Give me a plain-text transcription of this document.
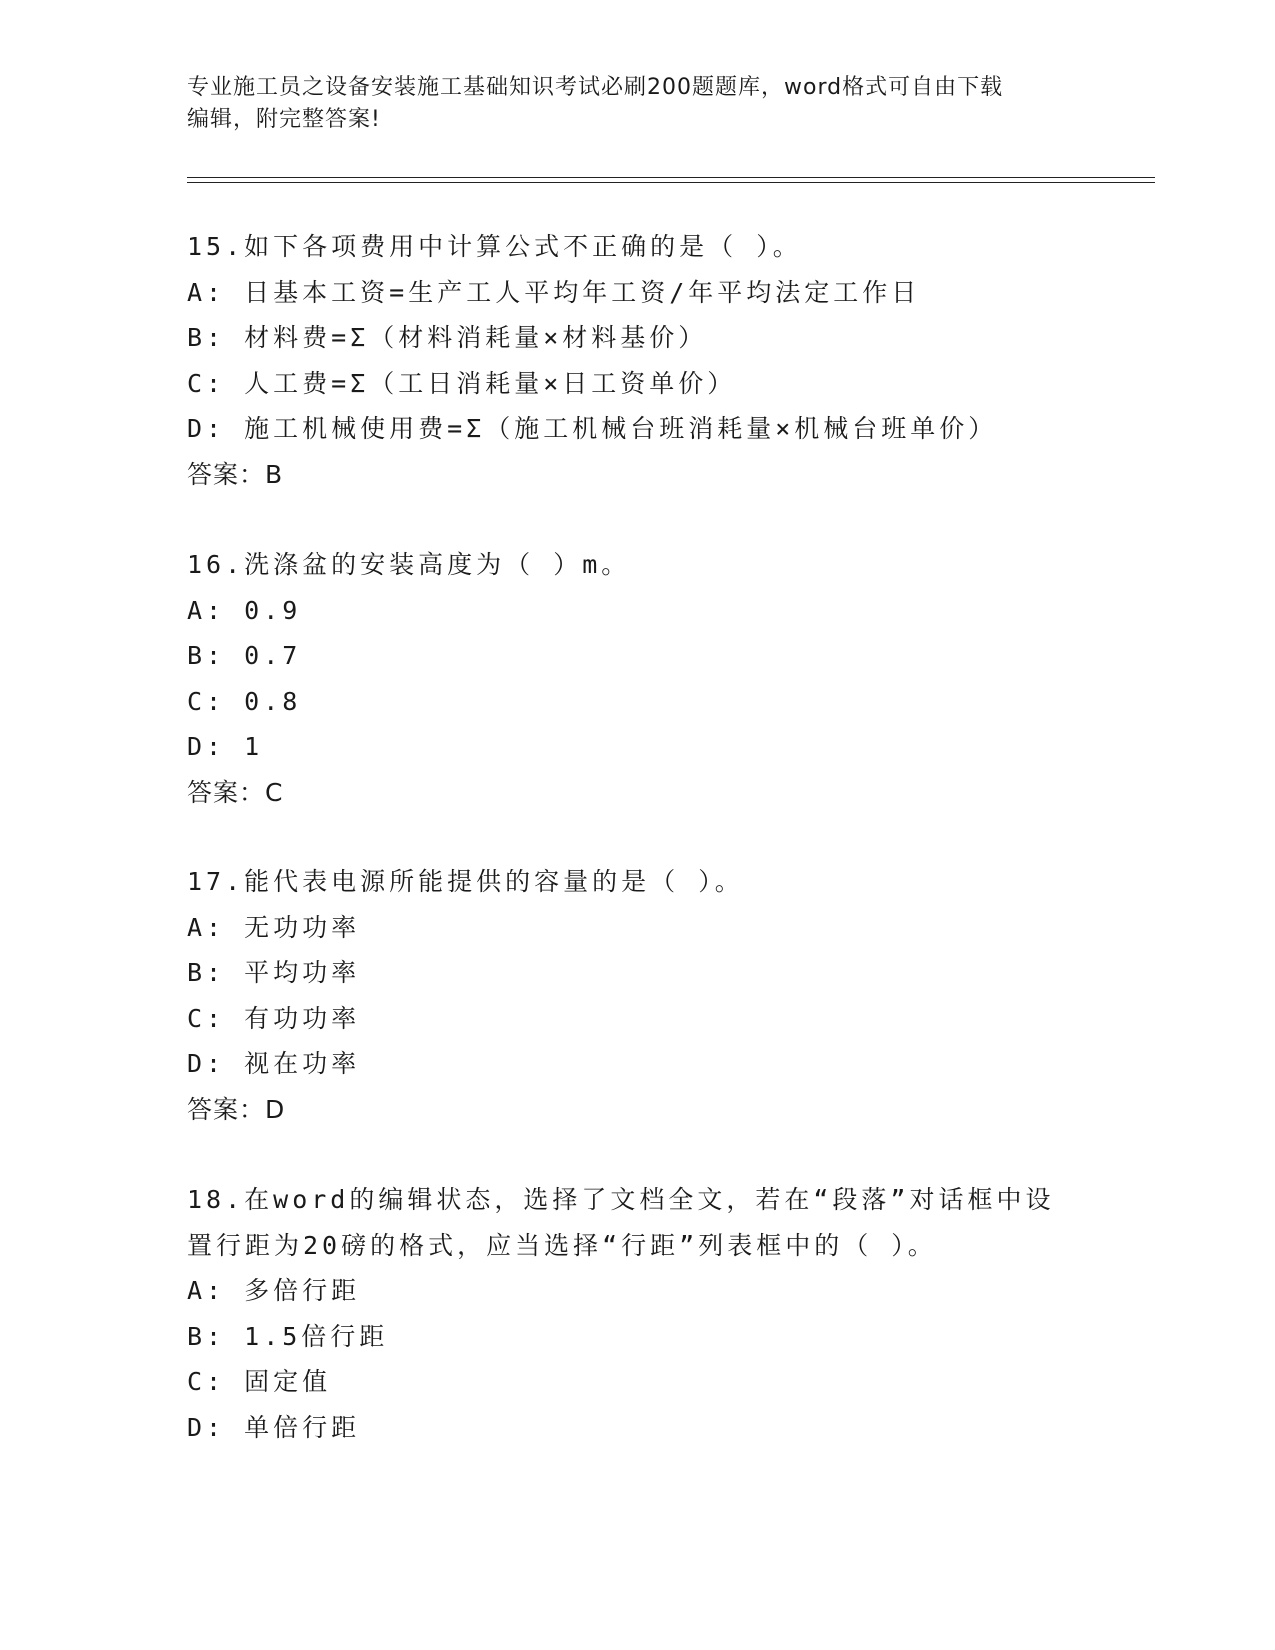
专业施工员之设备安装施工基础知识考试必刷200题题库，word格式可自由下载
编辑，附完整答案!
15.如下各项费用中计算公式不正确的是（ ）。
A: 日基本工资=生产工人平均年工资/年平均法定工作日
B: 材料费=Σ（材料消耗量×材料基价）
C: 人工费=Σ（工日消耗量×日工资单价）
D: 施工机械使用费=Σ（施工机械台班消耗量×机械台班单价）
答案：B
16.洗涤盆的安装高度为（ ）m。
A: 0.9
B: 0.7
C: 0.8
D: 1
答案：C
17.能代表电源所能提供的容量的是（ ）。
A: 无功功率
B: 平均功率
C: 有功功率
D: 视在功率
答案：D
18.在word的编辑状态，选择了文档全文，若在“段落”对话框中设
置行距为20磅的格式，应当选择“行距”列表框中的（ ）。
A: 多倍行距
B: 1.5倍行距
C: 固定值
D: 单倍行距
